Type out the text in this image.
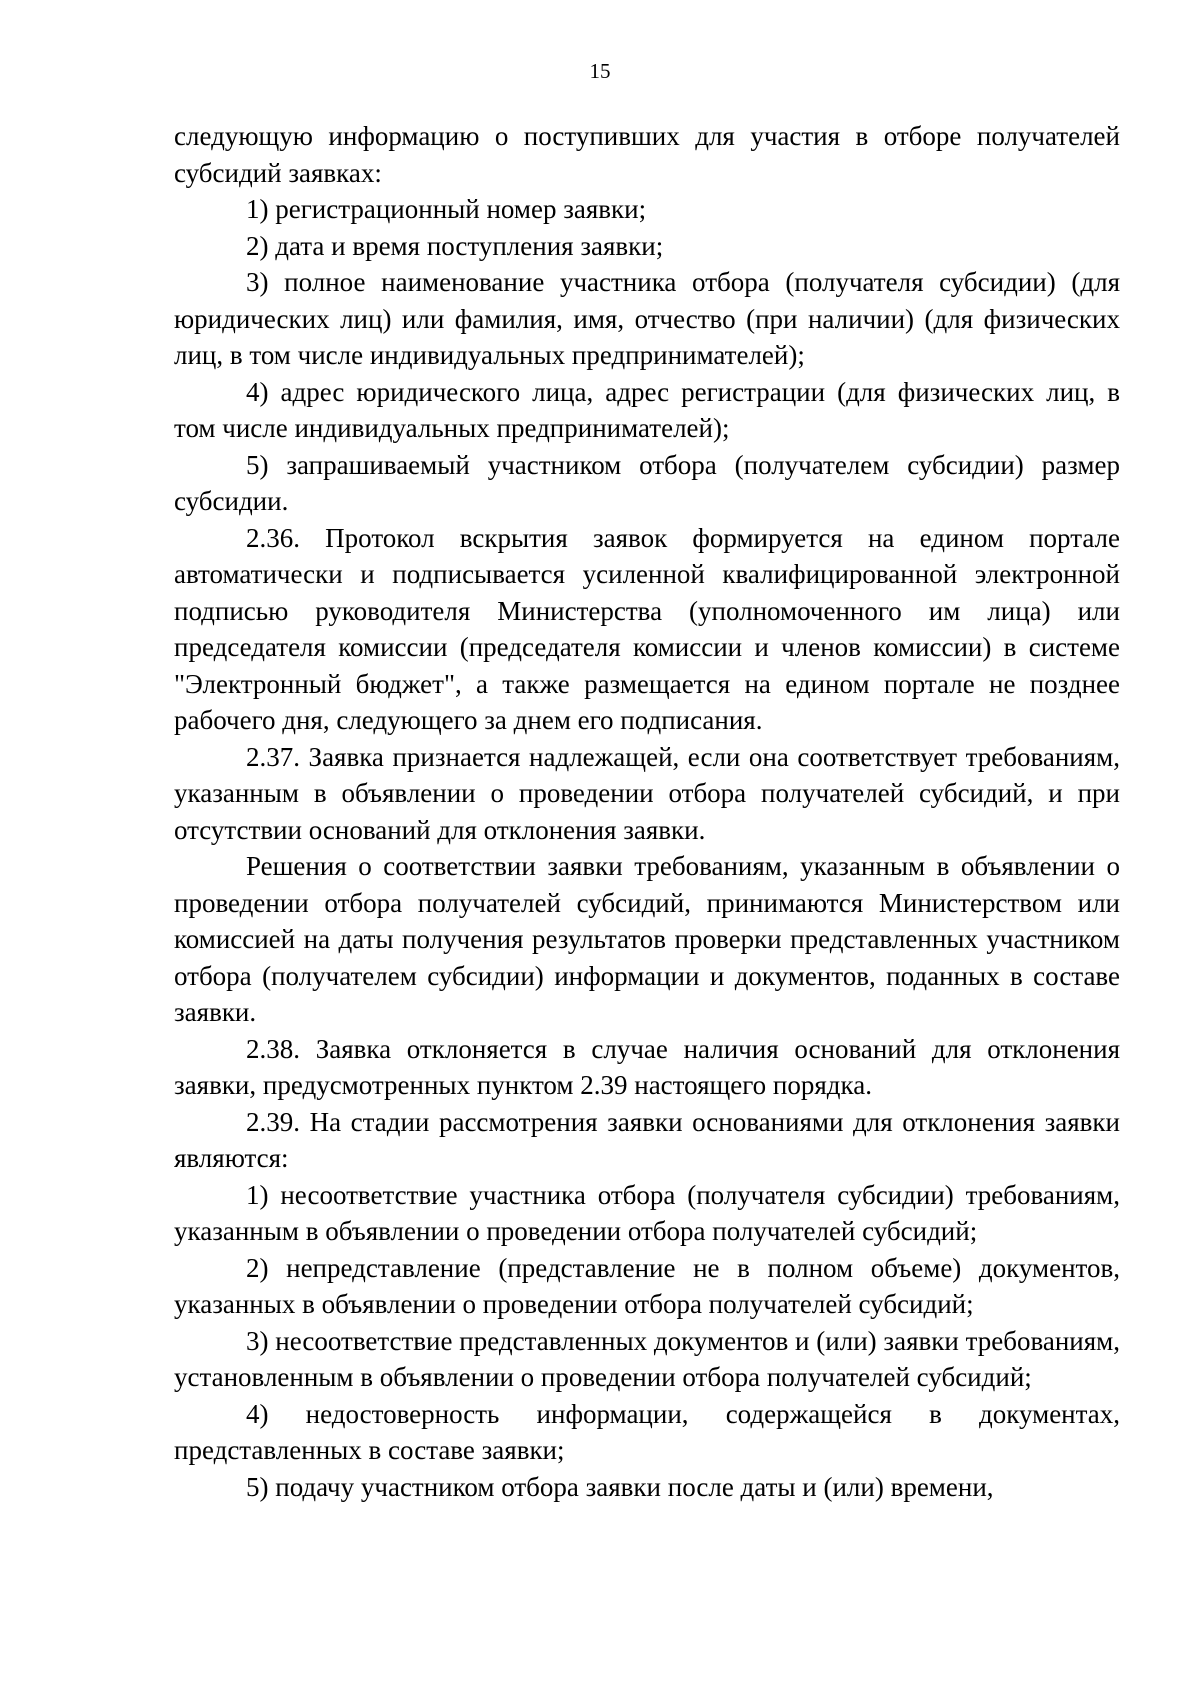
15

следующую информацию о поступивших для участия в отборе получателей субсидий заявках:

1) регистрационный номер заявки;

2) дата и время поступления заявки;

3) полное наименование участника отбора (получателя субсидии) (для юридических лиц) или фамилия, имя, отчество (при наличии) (для физических лиц, в том числе индивидуальных предпринимателей);

4) адрес юридического лица, адрес регистрации (для физических лиц, в том числе индивидуальных предпринимателей);

5) запрашиваемый участником отбора (получателем субсидии) размер субсидии.

2.36. Протокол вскрытия заявок формируется на едином портале автоматически и подписывается усиленной квалифицированной электронной подписью руководителя Министерства (уполномоченного им лица) или председателя комиссии (председателя комиссии и членов комиссии) в системе "Электронный бюджет", а также размещается на едином портале не позднее рабочего дня, следующего за днем его подписания.

2.37. Заявка признается надлежащей, если она соответствует требованиям, указанным в объявлении о проведении отбора получателей субсидий, и при отсутствии оснований для отклонения заявки.

Решения о соответствии заявки требованиям, указанным в объявлении о проведении отбора получателей субсидий, принимаются Министерством или комиссией на даты получения результатов проверки представленных участником отбора (получателем субсидии) информации и документов, поданных в составе заявки.

2.38. Заявка отклоняется в случае наличия оснований для отклонения заявки, предусмотренных пунктом 2.39 настоящего порядка.

2.39. На стадии рассмотрения заявки основаниями для отклонения заявки являются:

1) несоответствие участника отбора (получателя субсидии) требованиям, указанным в объявлении о проведении отбора получателей субсидий;

2) непредставление (представление не в полном объеме) документов, указанных в объявлении о проведении отбора получателей субсидий;

3) несоответствие представленных документов и (или) заявки требованиям, установленным в объявлении о проведении отбора получателей субсидий;

4) недостоверность информации, содержащейся в документах, представленных в составе заявки;

5) подачу участником отбора заявки после даты и (или) времени,
